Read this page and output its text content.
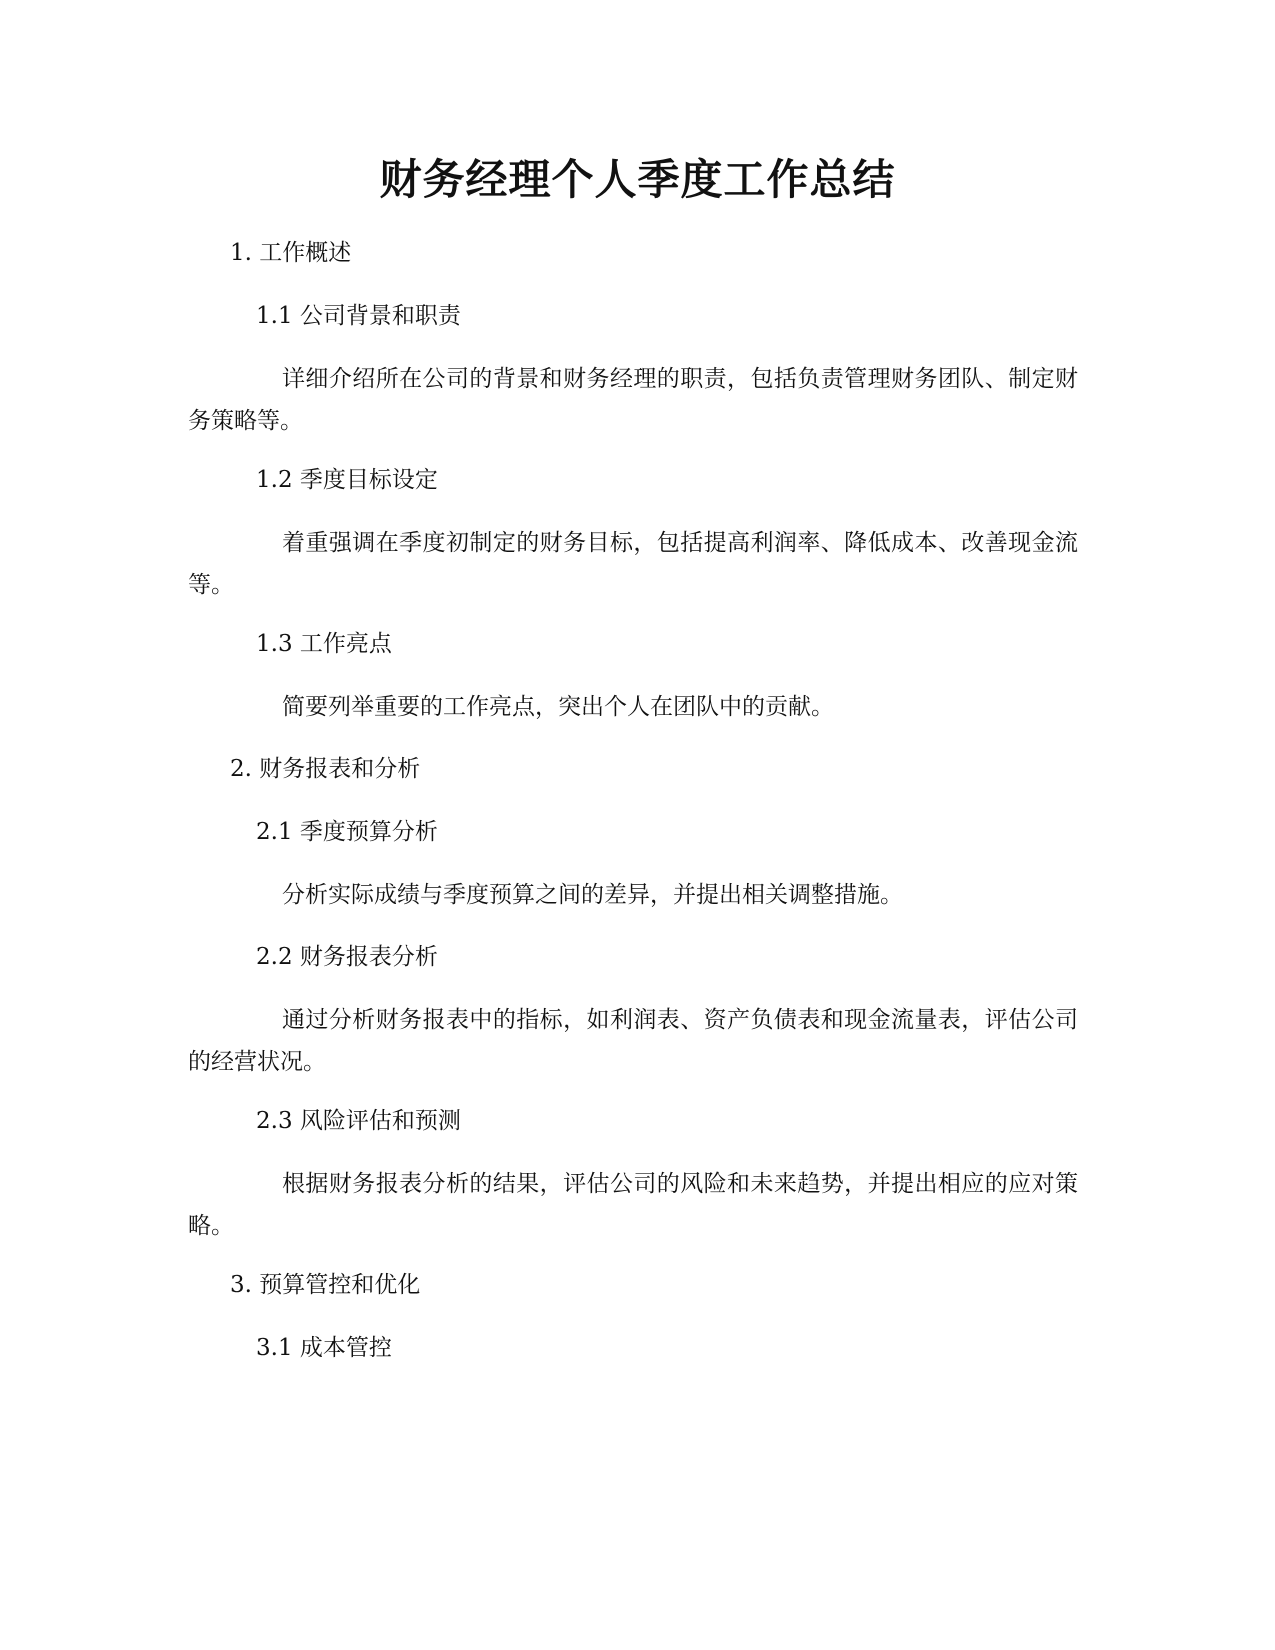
财务经理个人季度工作总结

1. 工作概述

1.1 公司背景和职责

详细介绍所在公司的背景和财务经理的职责，包括负责管理财务团队、制定财务策略等。

1.2 季度目标设定

着重强调在季度初制定的财务目标，包括提高利润率、降低成本、改善现金流等。

1.3 工作亮点

简要列举重要的工作亮点，突出个人在团队中的贡献。

2. 财务报表和分析

2.1 季度预算分析

分析实际成绩与季度预算之间的差异，并提出相关调整措施。

2.2 财务报表分析

通过分析财务报表中的指标，如利润表、资产负债表和现金流量表，评估公司的经营状况。

2.3 风险评估和预测

根据财务报表分析的结果，评估公司的风险和未来趋势，并提出相应的应对策略。

3. 预算管控和优化

3.1 成本管控
